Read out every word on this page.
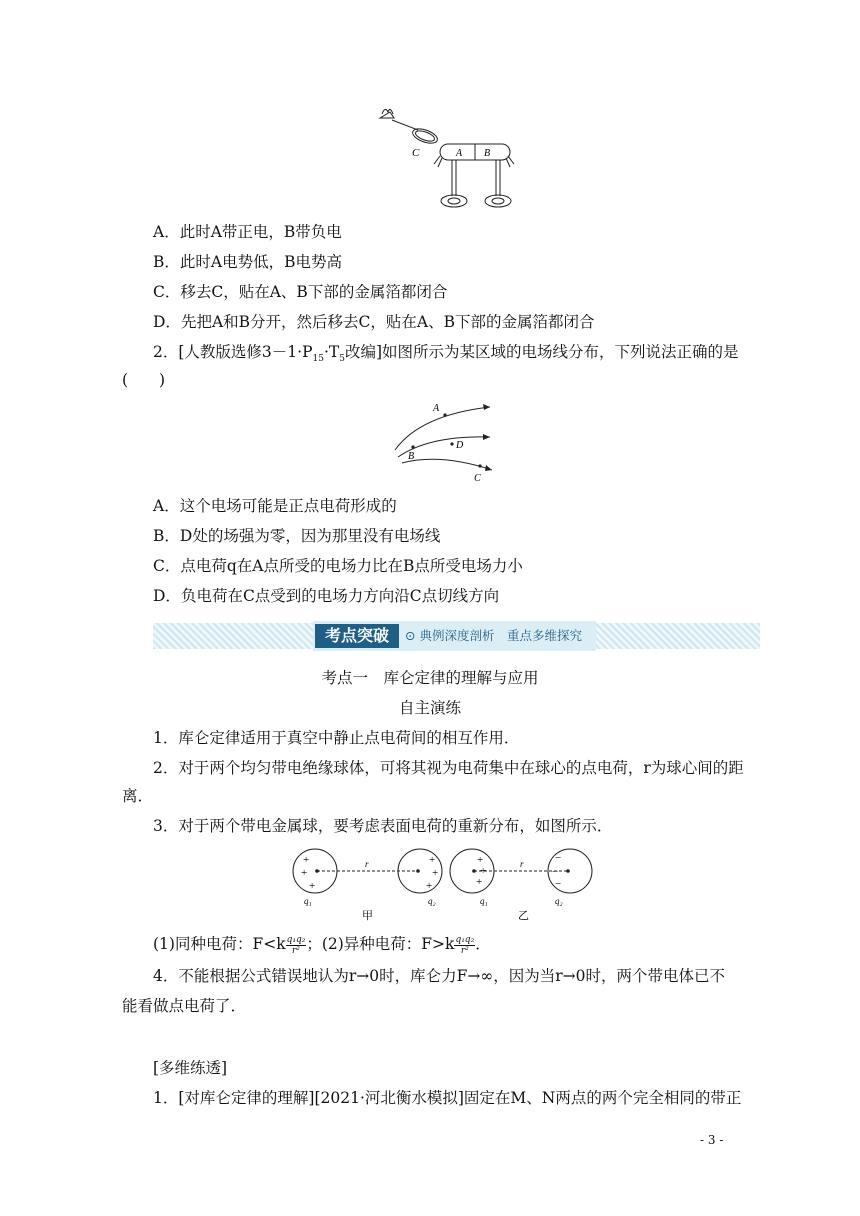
C	A B
A．此时A带正电，B带负电
B．此时A电势低，B电势高
C．移去C，贴在A、B下部的金属箔都闭合
D．先把A和B分开，然后移去C，贴在A、B下部的金属箔都闭合
2．[人教版选修$3-1\cdot P_{15}\cdot T_5$改编]如图所示为某区域的电场线分布，下列说法正确的是
(　　)
A
D
B
C
A．这个电场可能是正点电荷形成的
B．D处的场强为零，因为那里没有电场线
C．点电荷q在A点所受的电场力比在B点所受电场力小
D．负电荷在C点受到的电场力方向沿C点切线方向
考点突破	⊙ 典例深度剖析　重点多维探究
考点一　库仑定律的理解与应用
自主演练
1．库仑定律适用于真空中静止点电荷间的相互作用．
2．对于两个均匀带电绝缘球体，可将其视为电荷集中在球心的点电荷，r为球心间的距
离．
3．对于两个带电金属球，要考虑表面电荷的重新分布，如图所示．
+
+
+
+
+
+
+
+
+
−
−
−
r	r
q₁	q₂	q₁	q₂
甲	乙
(1)同种电荷：$F<k \frac{\text{q₁q₂}}{\text{r²}}$ ；(2)异种电荷：$F>k \frac{\text{q₁q₂}}{\text{r²}}$ ．
4．不能根据公式错误地认为r→0时，库仑力F→∞，因为当r→0时，两个带电体已不
能看做点电荷了．
[多维练透]
1．[对库仑定律的理解][2021·河北衡水模拟]固定在M、N两点的两个完全相同的带正
- 3 -
